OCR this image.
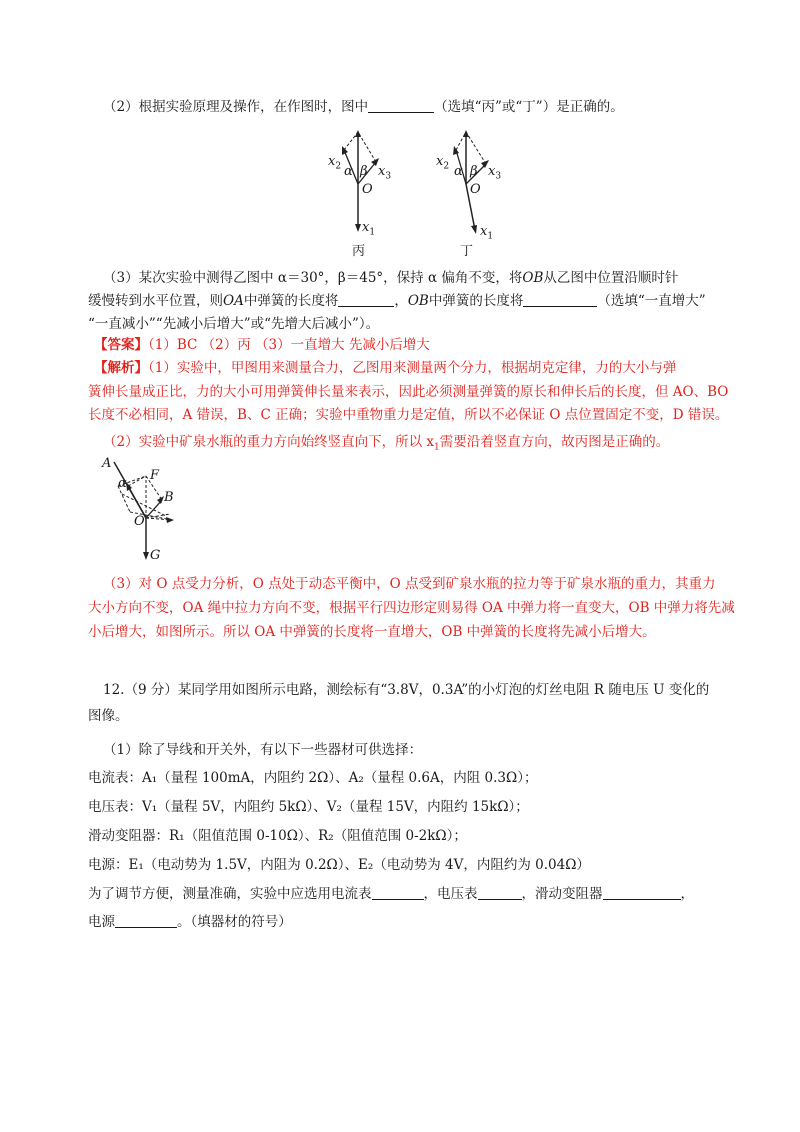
（2）根据实验原理及操作，在作图时，图中	（选填“丙”或“丁”）是正确的。
$x_2$ α β $x_3$
O
$x_1$
丙
$x_2$ α β $x_3$
O
$x_1$
丁
（3）某次实验中测得乙图中 α＝30°，β＝45°，保持 α 偏角不变，将OB从乙图中位置沿顺时针
缓慢转到水平位置，则OA中弹簧的长度将	，OB中弹簧的长度将	（选填“一直增大”
“一直减小”“先减小后增大”或“先增大后减小”）。
【答案】（1）BC （2）丙 （3）一直增大 先减小后增大
【解析】（1）实验中，甲图用来测量合力，乙图用来测量两个分力，根据胡克定律，力的大小与弹
簧伸长量成正比，力的大小可用弹簧伸长量来表示，因此必须测量弹簧的原长和伸长后的长度，但 AO、BO
长度不必相同，A 错误，B、C 正确；实验中重物重力是定值，所以不必保证 O 点位置固定不变，D 错误。
（2）实验中矿泉水瓶的重力方向始终竖直向下，所以 $x_1$需要沿着竖直方向，故丙图是正确的。
A
α
F
B
O
G
（3）对 O 点受力分析，O 点处于动态平衡中，O 点受到矿泉水瓶的拉力等于矿泉水瓶的重力，其重力
大小方向不变，OA 绳中拉力方向不变，根据平行四边形定则易得 OA 中弹力将一直变大，OB 中弹力将先减
小后增大，如图所示。所以 OA 中弹簧的长度将一直增大，OB 中弹簧的长度将先减小后增大。
12.（9 分）某同学用如图所示电路，测绘标有“3.8V，0.3A”的小灯泡的灯丝电阻 R 随电压 U 变化的
图像。
（1）除了导线和开关外，有以下一些器材可供选择：
电流表：A₁（量程 100mA，内阻约 2Ω）、A₂（量程 0.6A，内阻 0.3Ω）；
电压表：V₁（量程 5V，内阻约 5kΩ）、V₂（量程 15V，内阻约 15kΩ）；
滑动变阻器：R₁（阻值范围 0-10Ω）、R₂（阻值范围 0-2kΩ）；
电源：E₁（电动势为 1.5V，内阻为 0.2Ω）、E₂（电动势为 4V，内阻约为 0.04Ω）
为了调节方便，测量准确，实验中应选用电流表	，电压表	，滑动变阻器	，
电源	。（填器材的符号）
